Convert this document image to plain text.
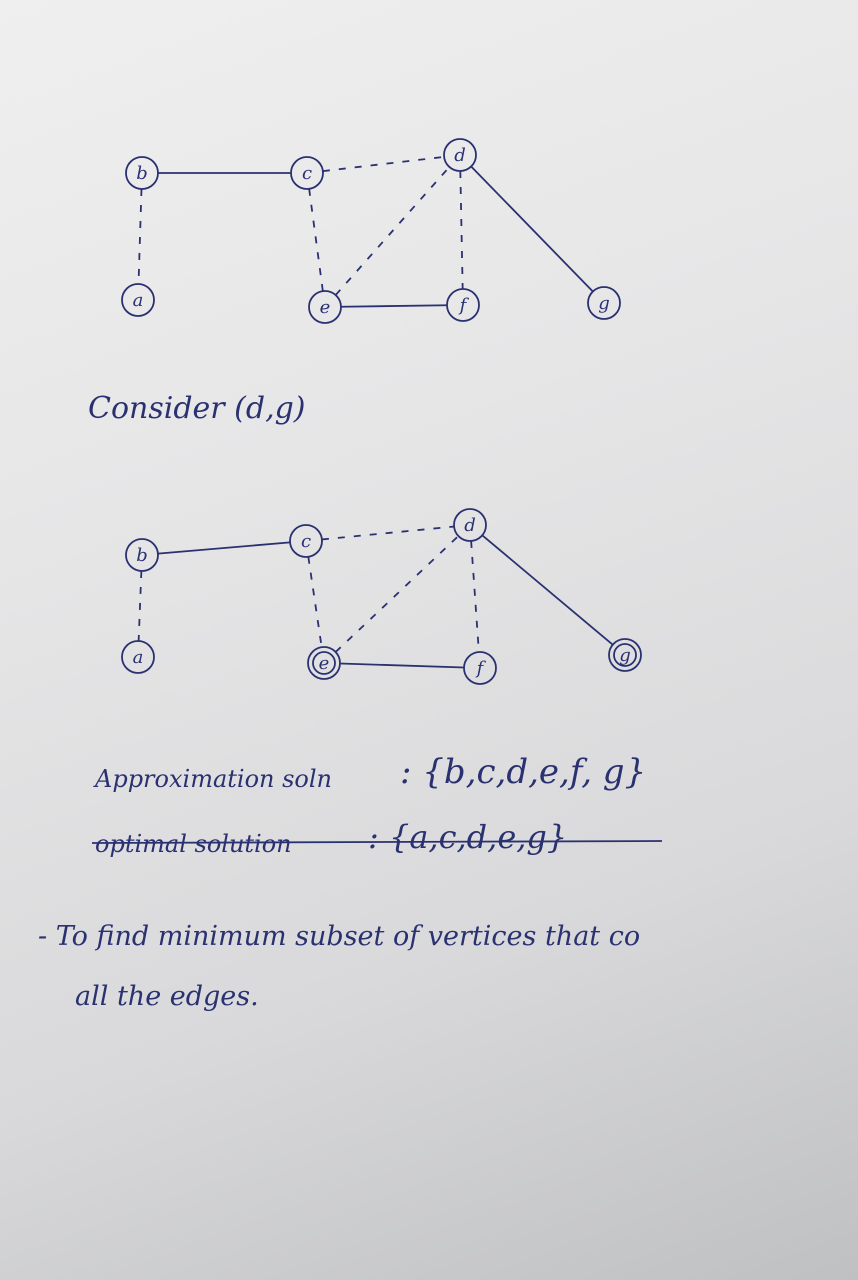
a
b	c
d
e	f	g
Consider (d,g)
a
b
c
d
e	f
g
Approximation soln : {b,c,d,e,f, g}
optimal solution : {a,c,d,e,g}
- To find minimum subset of vertices that co
all the edges.
